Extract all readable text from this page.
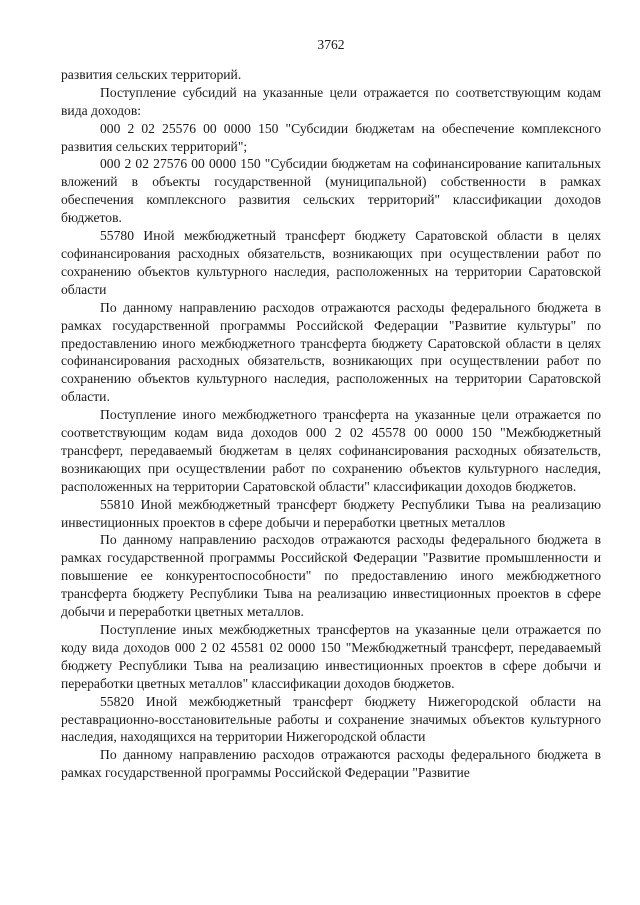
3762

развития сельских территорий.

Поступление субсидий на указанные цели отражается по соответствующим кодам вида доходов:

000 2 02 25576 00 0000 150 "Субсидии бюджетам на обеспечение комплексного развития сельских территорий";

000 2 02 27576 00 0000 150 "Субсидии бюджетам на софинансирование капитальных вложений в объекты государственной (муниципальной) собственности в рамках обеспечения комплексного развития сельских территорий" классификации доходов бюджетов.

55780 Иной межбюджетный трансферт бюджету Саратовской области в целях софинансирования расходных обязательств, возникающих при осуществлении работ по сохранению объектов культурного наследия, расположенных на территории Саратовской области

По данному направлению расходов отражаются расходы федерального бюджета в рамках государственной программы Российской Федерации "Развитие культуры" по предоставлению иного межбюджетного трансферта бюджету Саратовской области в целях софинансирования расходных обязательств, возникающих при осуществлении работ по сохранению объектов культурного наследия, расположенных на территории Саратовской области.

Поступление иного межбюджетного трансферта на указанные цели отражается по соответствующим кодам вида доходов 000 2 02 45578 00 0000 150 "Межбюджетный трансферт, передаваемый бюджетам в целях софинансирования расходных обязательств, возникающих при осуществлении работ по сохранению объектов культурного наследия, расположенных на территории Саратовской области" классификации доходов бюджетов.

55810 Иной межбюджетный трансферт бюджету Республики Тыва на реализацию инвестиционных проектов в сфере добычи и переработки цветных металлов

По данному направлению расходов отражаются расходы федерального бюджета в рамках государственной программы Российской Федерации "Развитие промышленности и повышение ее конкурентоспособности" по предоставлению иного межбюджетного трансферта бюджету Республики Тыва на реализацию инвестиционных проектов в сфере добычи и переработки цветных металлов.

Поступление иных межбюджетных трансфертов на указанные цели отражается по коду вида доходов 000 2 02 45581 02 0000 150 "Межбюджетный трансферт, передаваемый бюджету Республики Тыва на реализацию инвестиционных проектов в сфере добычи и переработки цветных металлов" классификации доходов бюджетов.

55820 Иной межбюджетный трансферт бюджету Нижегородской области на реставрационно-восстановительные работы и сохранение значимых объектов культурного наследия, находящихся на территории Нижегородской области

По данному направлению расходов отражаются расходы федерального бюджета в рамках государственной программы Российской Федерации "Развитие
